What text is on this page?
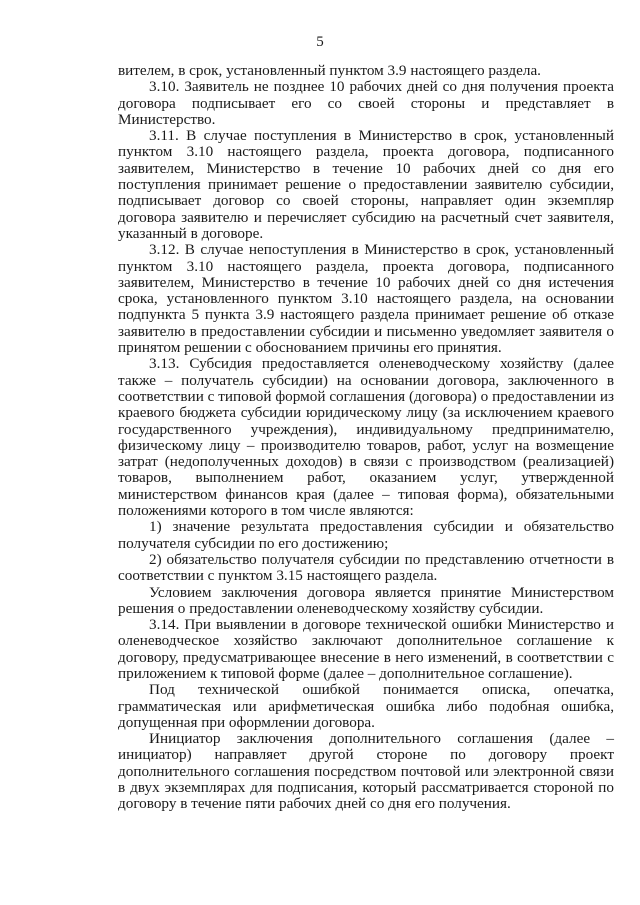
5

вителем, в срок, установленный пунктом 3.9 настоящего раздела.

3.10. Заявитель не позднее 10 рабочих дней со дня получения проекта договора подписывает его со своей стороны и представляет в Министерство.

3.11. В случае поступления в Министерство в срок, установленный пунктом 3.10 настоящего раздела, проекта договора, подписанного заявителем, Министерство в течение 10 рабочих дней со дня его поступления принимает решение о предоставлении заявителю субсидии, подписывает договор со своей стороны, направляет один экземпляр договора заявителю и перечисляет субсидию на расчетный счет заявителя, указанный в договоре.

3.12. В случае непоступления в Министерство в срок, установленный пунктом 3.10 настоящего раздела, проекта договора, подписанного заявителем, Министерство в течение 10 рабочих дней со дня истечения срока, установленного пунктом 3.10 настоящего раздела, на основании подпункта 5 пункта 3.9 настоящего раздела принимает решение об отказе заявителю в предоставлении субсидии и письменно уведомляет заявителя о принятом решении с обоснованием причины его принятия.

3.13. Субсидия предоставляется оленеводческому хозяйству (далее также – получатель субсидии) на основании договора, заключенного в соответствии с типовой формой соглашения (договора) о предоставлении из краевого бюджета субсидии юридическому лицу (за исключением краевого государственного учреждения), индивидуальному предпринимателю, физическому лицу – производителю товаров, работ, услуг на возмещение затрат (недополученных доходов) в связи с производством (реализацией) товаров, выполнением работ, оказанием услуг, утвержденной министерством финансов края (далее – типовая форма), обязательными положениями которого в том числе являются:

1) значение результата предоставления субсидии и обязательство получателя субсидии по его достижению;

2) обязательство получателя субсидии по представлению отчетности в соответствии с пунктом 3.15 настоящего раздела.

Условием заключения договора является принятие Министерством решения о предоставлении оленеводческому хозяйству субсидии.

3.14. При выявлении в договоре технической ошибки Министерство и оленеводческое хозяйство заключают дополнительное соглашение к договору, предусматривающее внесение в него изменений, в соответствии с приложением к типовой форме (далее – дополнительное соглашение).

Под технической ошибкой понимается описка, опечатка, грамматическая или арифметическая ошибка либо подобная ошибка, допущенная при оформлении договора.

Инициатор заключения дополнительного соглашения (далее – инициатор) направляет другой стороне по договору проект дополнительного соглашения посредством почтовой или электронной связи в двух экземплярах для подписания, который рассматривается стороной по договору в течение пяти рабочих дней со дня его получения.
